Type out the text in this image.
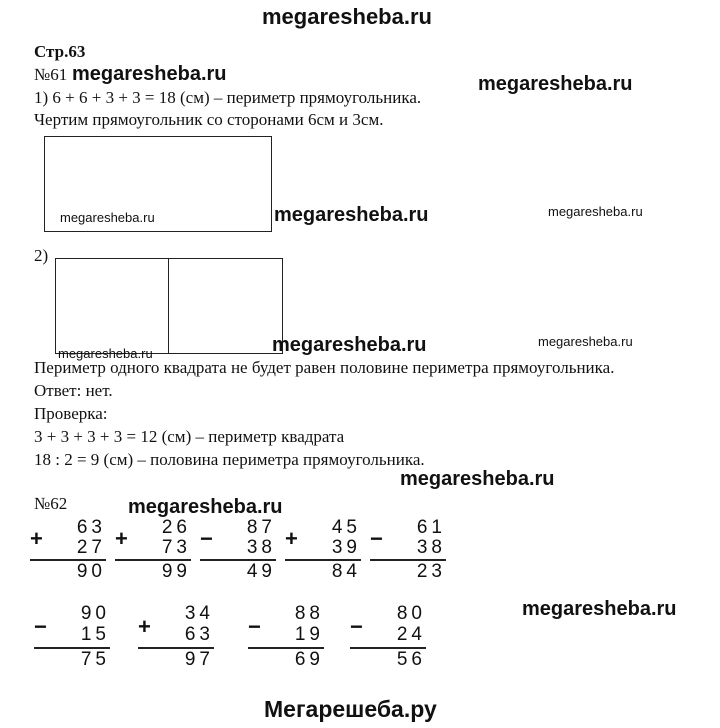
megaresheba.ru
Стр.63
№61 megaresheba.ru	megaresheba.ru
1) 6 + 6 + 3 + 3 = 18 (см) – периметр прямоугольника.
Чертим прямоугольник со сторонами 6см и 3см.
megaresheba.ru	megaresheba.ru	megaresheba.ru
2)
megaresheba.ru	megaresheba.ru	megaresheba.ru
Периметр одного квадрата не будет равен половине периметра прямоугольника.
Ответ: нет.
Проверка:
3 + 3 + 3 + 3 = 12 (см) – периметр квадрата
18 : 2 = 9 (см) – половина периметра прямоугольника.
megaresheba.ru
№62	megaresheba.ru
+ 63
27
90
+ 26
73
99
− 87
38
49
+ 45
39
84
− 61
38
23
−
90
15
75
+
34
63
97
−
88
19
69
−
80
24
56
megaresheba.ru
Мегарешеба.ру
